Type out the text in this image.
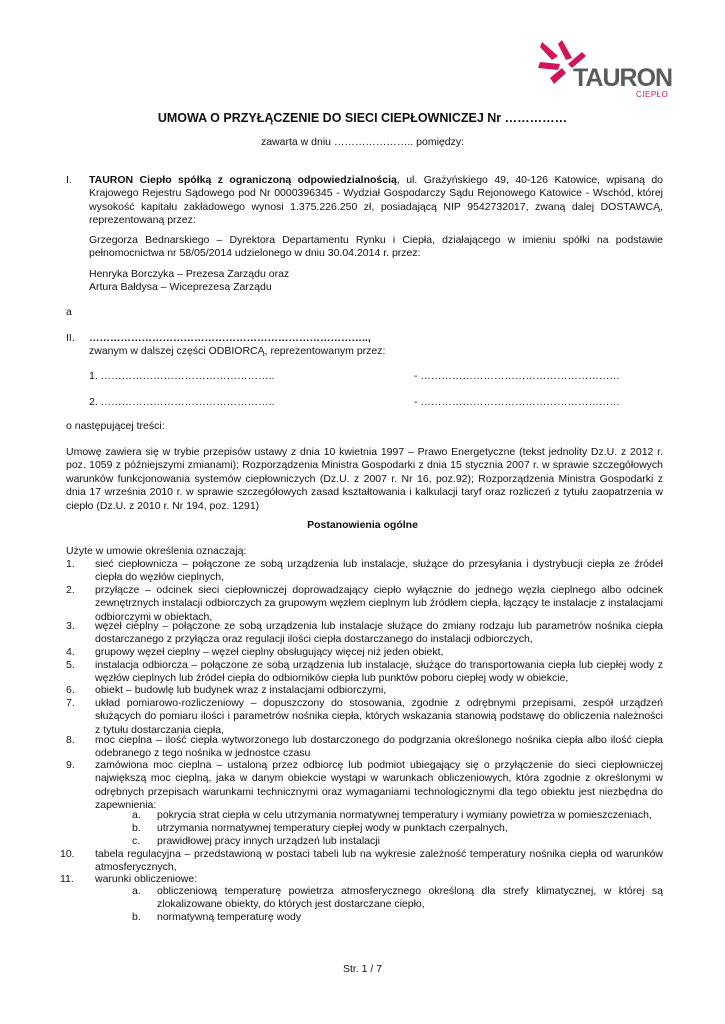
TAURON
CIEPŁO
UMOWA O PRZYŁĄCZENIE DO SIECI CIEPŁOWNICZEJ Nr ……………
zawarta w dniu ………………….. pomiędzy:
I. TAURON Ciepło spółką z ograniczoną odpowiedzialnością, ul. Grażyńskiego 49, 40-126 Katowice, wpisaną do Krajowego Rejestru Sądowego pod Nr 0000396345 - Wydział Gospodarczy Sądu Rejonowego Katowice - Wschód, której wysokość kapitału zakładowego wynosi 1.375.226.250 zł, posiadającą NIP 9542732017, zwaną dalej DOSTAWCĄ, reprezentowaną przez:
Grzegorza Bednarskiego – Dyrektora Departamentu Rynku i Ciepła, działającego w imieniu spółki na podstawie pełnomocnictwa nr 58/05/2014 udzielonego w dniu 30.04.2014 r. przez:
Henryka Borczyka – Prezesa Zarządu oraz
Artura Bałdysa – Wiceprezesa Zarządu
a
II. ……………………………………………………………………..,
zwanym w dalszej części ODBIORCĄ, reprezentowanym przez:
1. …………………………………………..	- …………………………………………………
2. …………………………………………..	- …………………………………………………
o następującej treści:
Umowę zawiera się w trybie przepisów ustawy z dnia 10 kwietnia 1997 – Prawo Energetyczne (tekst jednolity Dz.U. z 2012 r. poz. 1059 z późniejszymi zmianami); Rozporządzenia Ministra Gospodarki z dnia 15 stycznia 2007 r. w sprawie szczegółowych warunków funkcjonowania systemów ciepłowniczych (Dz.U. z 2007 r. Nr 16, poz.92); Rozporządzenia Ministra Gospodarki z dnia 17 września 2010 r. w sprawie szczegółowych zasad kształtowania i kalkulacji taryf oraz rozliczeń z tytułu zaopatrzenia w ciepło (Dz.U. z 2010 r. Nr 194, poz. 1291)
Postanowienia ogólne
Użyte w umowie określenia oznaczają:
1. sieć ciepłownicza – połączone ze sobą urządzenia lub instalacje, służące do przesyłania i dystrybucji ciepła ze źródeł ciepła do węzłów cieplnych,
2. przyłącze – odcinek sieci ciepłowniczej doprowadzający ciepło wyłącznie do jednego węzła cieplnego albo odcinek zewnętrznych instalacji odbiorczych za grupowym węzłem cieplnym lub źródłem ciepła, łączący te instalacje z instalacjami odbiorczymi w obiektach,
3. węzeł cieplny – połączone ze sobą urządzenia lub instalacje służące do zmiany rodzaju lub parametrów nośnika ciepła dostarczanego z przyłącza oraz regulacji ilości ciepła dostarczanego do instalacji odbiorczych,
4. grupowy węzeł cieplny – węzeł cieplny obsługujący więcej niż jeden obiekt,
5. instalacja odbiorcza – połączone ze sobą urządzenia lub instalacje, służące do transportowania ciepła lub ciepłej wody z węzłów cieplnych lub źródeł ciepła do odbiorników ciepła lub punktów poboru ciepłej wody w obiekcie,
6. obiekt – budowlę lub budynek wraz z instalacjami odbiorczymi,
7. układ pomiarowo-rozliczeniowy – dopuszczony do stosowania, zgodnie z odrębnymi przepisami, zespół urządzeń służących do pomiaru ilości i parametrów nośnika ciepła, których wskazania stanowią podstawę do obliczenia należności z tytułu dostarczania ciepła,
8. moc cieplna – ilość ciepła wytworzonego lub dostarczonego do podgrzania określonego nośnika ciepła albo ilość ciepła odebranego z tego nośnika w jednostce czasu
9. zamówiona moc cieplna – ustaloną przez odbiorcę lub podmiot ubiegający się o przyłączenie do sieci ciepłowniczej największą moc cieplną, jaka w danym obiekcie wystąpi w warunkach obliczeniowych, która zgodnie z określonymi w odrębnych przepisach warunkami technicznymi oraz wymaganiami technologicznymi dla tego obiektu jest niezbędna do zapewnienia:
a. pokrycia strat ciepła w celu utrzymania normatywnej temperatury i wymiany powietrza w pomieszczeniach,
b. utrzymania normatywnej temperatury ciepłej wody w punktach czerpalnych,
c. prawidłowej pracy innych urządzeń lub instalacji
10. tabela regulacyjna – przedstawioną w postaci tabeli lub na wykresie zależność temperatury nośnika ciepła od warunków atmosferycznych,
11. warunki obliczeniowe:
a. obliczeniową temperaturę powietrza atmosferycznego określoną dla strefy klimatycznej, w której są zlokalizowane obiekty, do których jest dostarczane ciepło,
b. normatywną temperaturę wody
Str. 1 / 7
